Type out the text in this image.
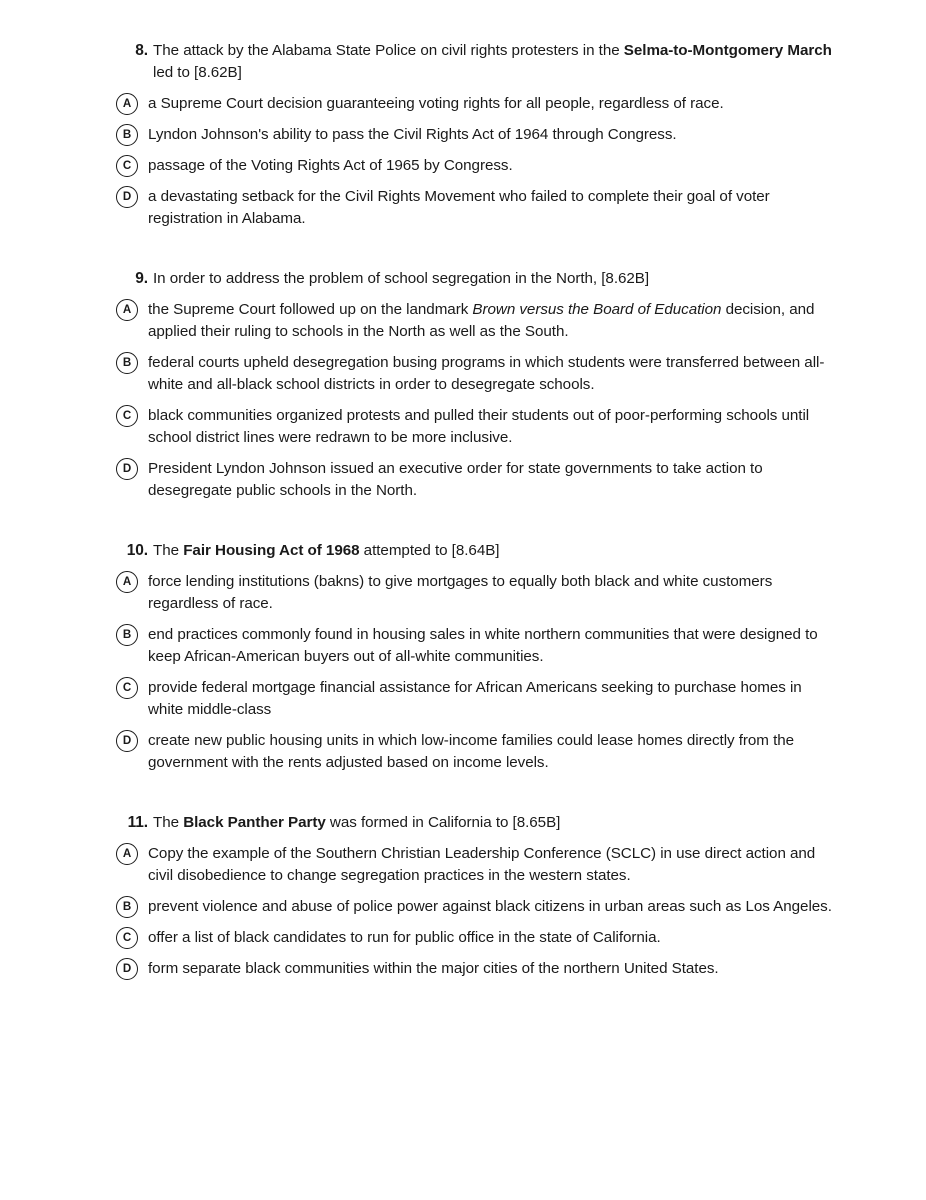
8. The attack by the Alabama State Police on civil rights protesters in the Selma-to-Montgomery March led to [8.62B]
A	a Supreme Court decision guaranteeing voting rights for all people, regardless of race.
B	Lyndon Johnson's ability to pass the Civil Rights Act of 1964 through Congress.
C	passage of the Voting Rights Act of 1965 by Congress.
D	a devastating setback for the Civil Rights Movement who failed to complete their goal of voter registration in Alabama.
9. In order to address the problem of school segregation in the North, [8.62B]
A	the Supreme Court followed up on the landmark Brown versus the Board of Education decision, and applied their ruling to schools in the North as well as the South.
B	federal courts upheld desegregation busing programs in which students were transferred between all-white and all-black school districts in order to desegregate schools.
C	black communities organized protests and pulled their students out of poor-performing schools until school district lines were redrawn to be more inclusive.
D	President Lyndon Johnson issued an executive order for state governments to take action to desegregate public schools in the North.
10. The Fair Housing Act of 1968 attempted to [8.64B]
A	force lending institutions (bakns) to give mortgages to equally both black and white customers regardless of race.
B	end practices commonly found in housing sales in white northern communities that were designed to keep African-American buyers out of all-white communities.
C	provide federal mortgage financial assistance for African Americans seeking to purchase homes in white middle-class
D	create new public housing units in which low-income families could lease homes directly from the government with the rents adjusted based on income levels.
11. The Black Panther Party was formed in California to [8.65B]
A	Copy the example of the Southern Christian Leadership Conference (SCLC) in use direct action and civil disobedience to change segregation practices in the western states.
B	prevent violence and abuse of police power against black citizens in urban areas such as Los Angeles.
C	offer a list of black candidates to run for public office in the state of California.
D	form separate black communities within the major cities of the northern United States.
